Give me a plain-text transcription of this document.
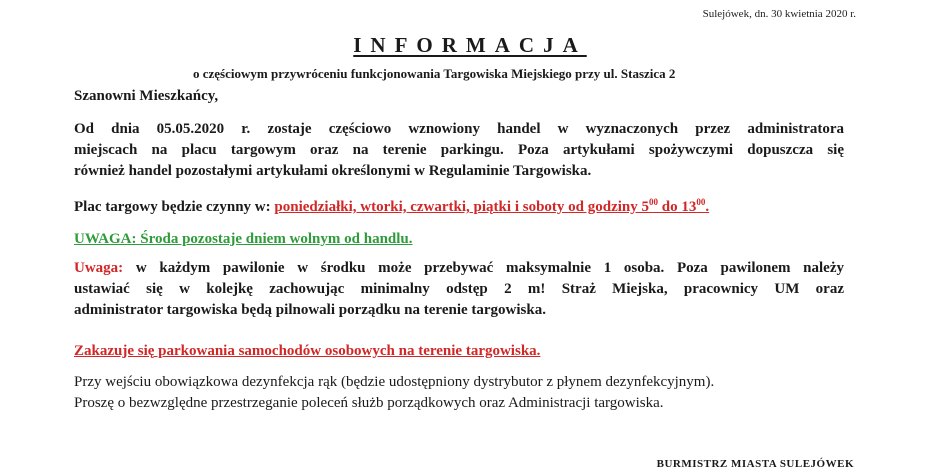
Sulejówek, dn. 30 kwietnia 2020 r.
INFORMACJA
o częściowym przywróceniu funkcjonowania Targowiska Miejskiego przy ul. Staszica 2
Szanowni Mieszkańcy,
Od dnia 05.05.2020 r. zostaje częściowo wznowiony handel w wyznaczonych przez administratora
miejscach na placu targowym oraz na terenie parkingu. Poza artykułami spożywczymi dopuszcza się
również handel pozostałymi artykułami określonymi w Regulaminie Targowiska.
Plac targowy będzie czynny w: poniedziałki, wtorki, czwartki, piątki i soboty od godziny $5^{00}$ do $13^{00}$.
UWAGA: Środa pozostaje dniem wolnym od handlu.
Uwaga: w każdym pawilonie w środku może przebywać maksymalnie 1 osoba. Poza pawilonem należy
ustawiać się w kolejkę zachowując minimalny odstęp 2 m! Straż Miejska, pracownicy UM oraz
administrator targowiska będą pilnowali porządku na terenie targowiska.
Zakazuje się parkowania samochodów osobowych na terenie targowiska.
Przy wejściu obowiązkowa dezynfekcja rąk (będzie udostępniony dystrybutor z płynem dezynfekcyjnym).
Proszę o bezwzględne przestrzeganie poleceń służb porządkowych oraz Administracji targowiska.
BURMISTRZ MIASTA SULEJÓWEK
